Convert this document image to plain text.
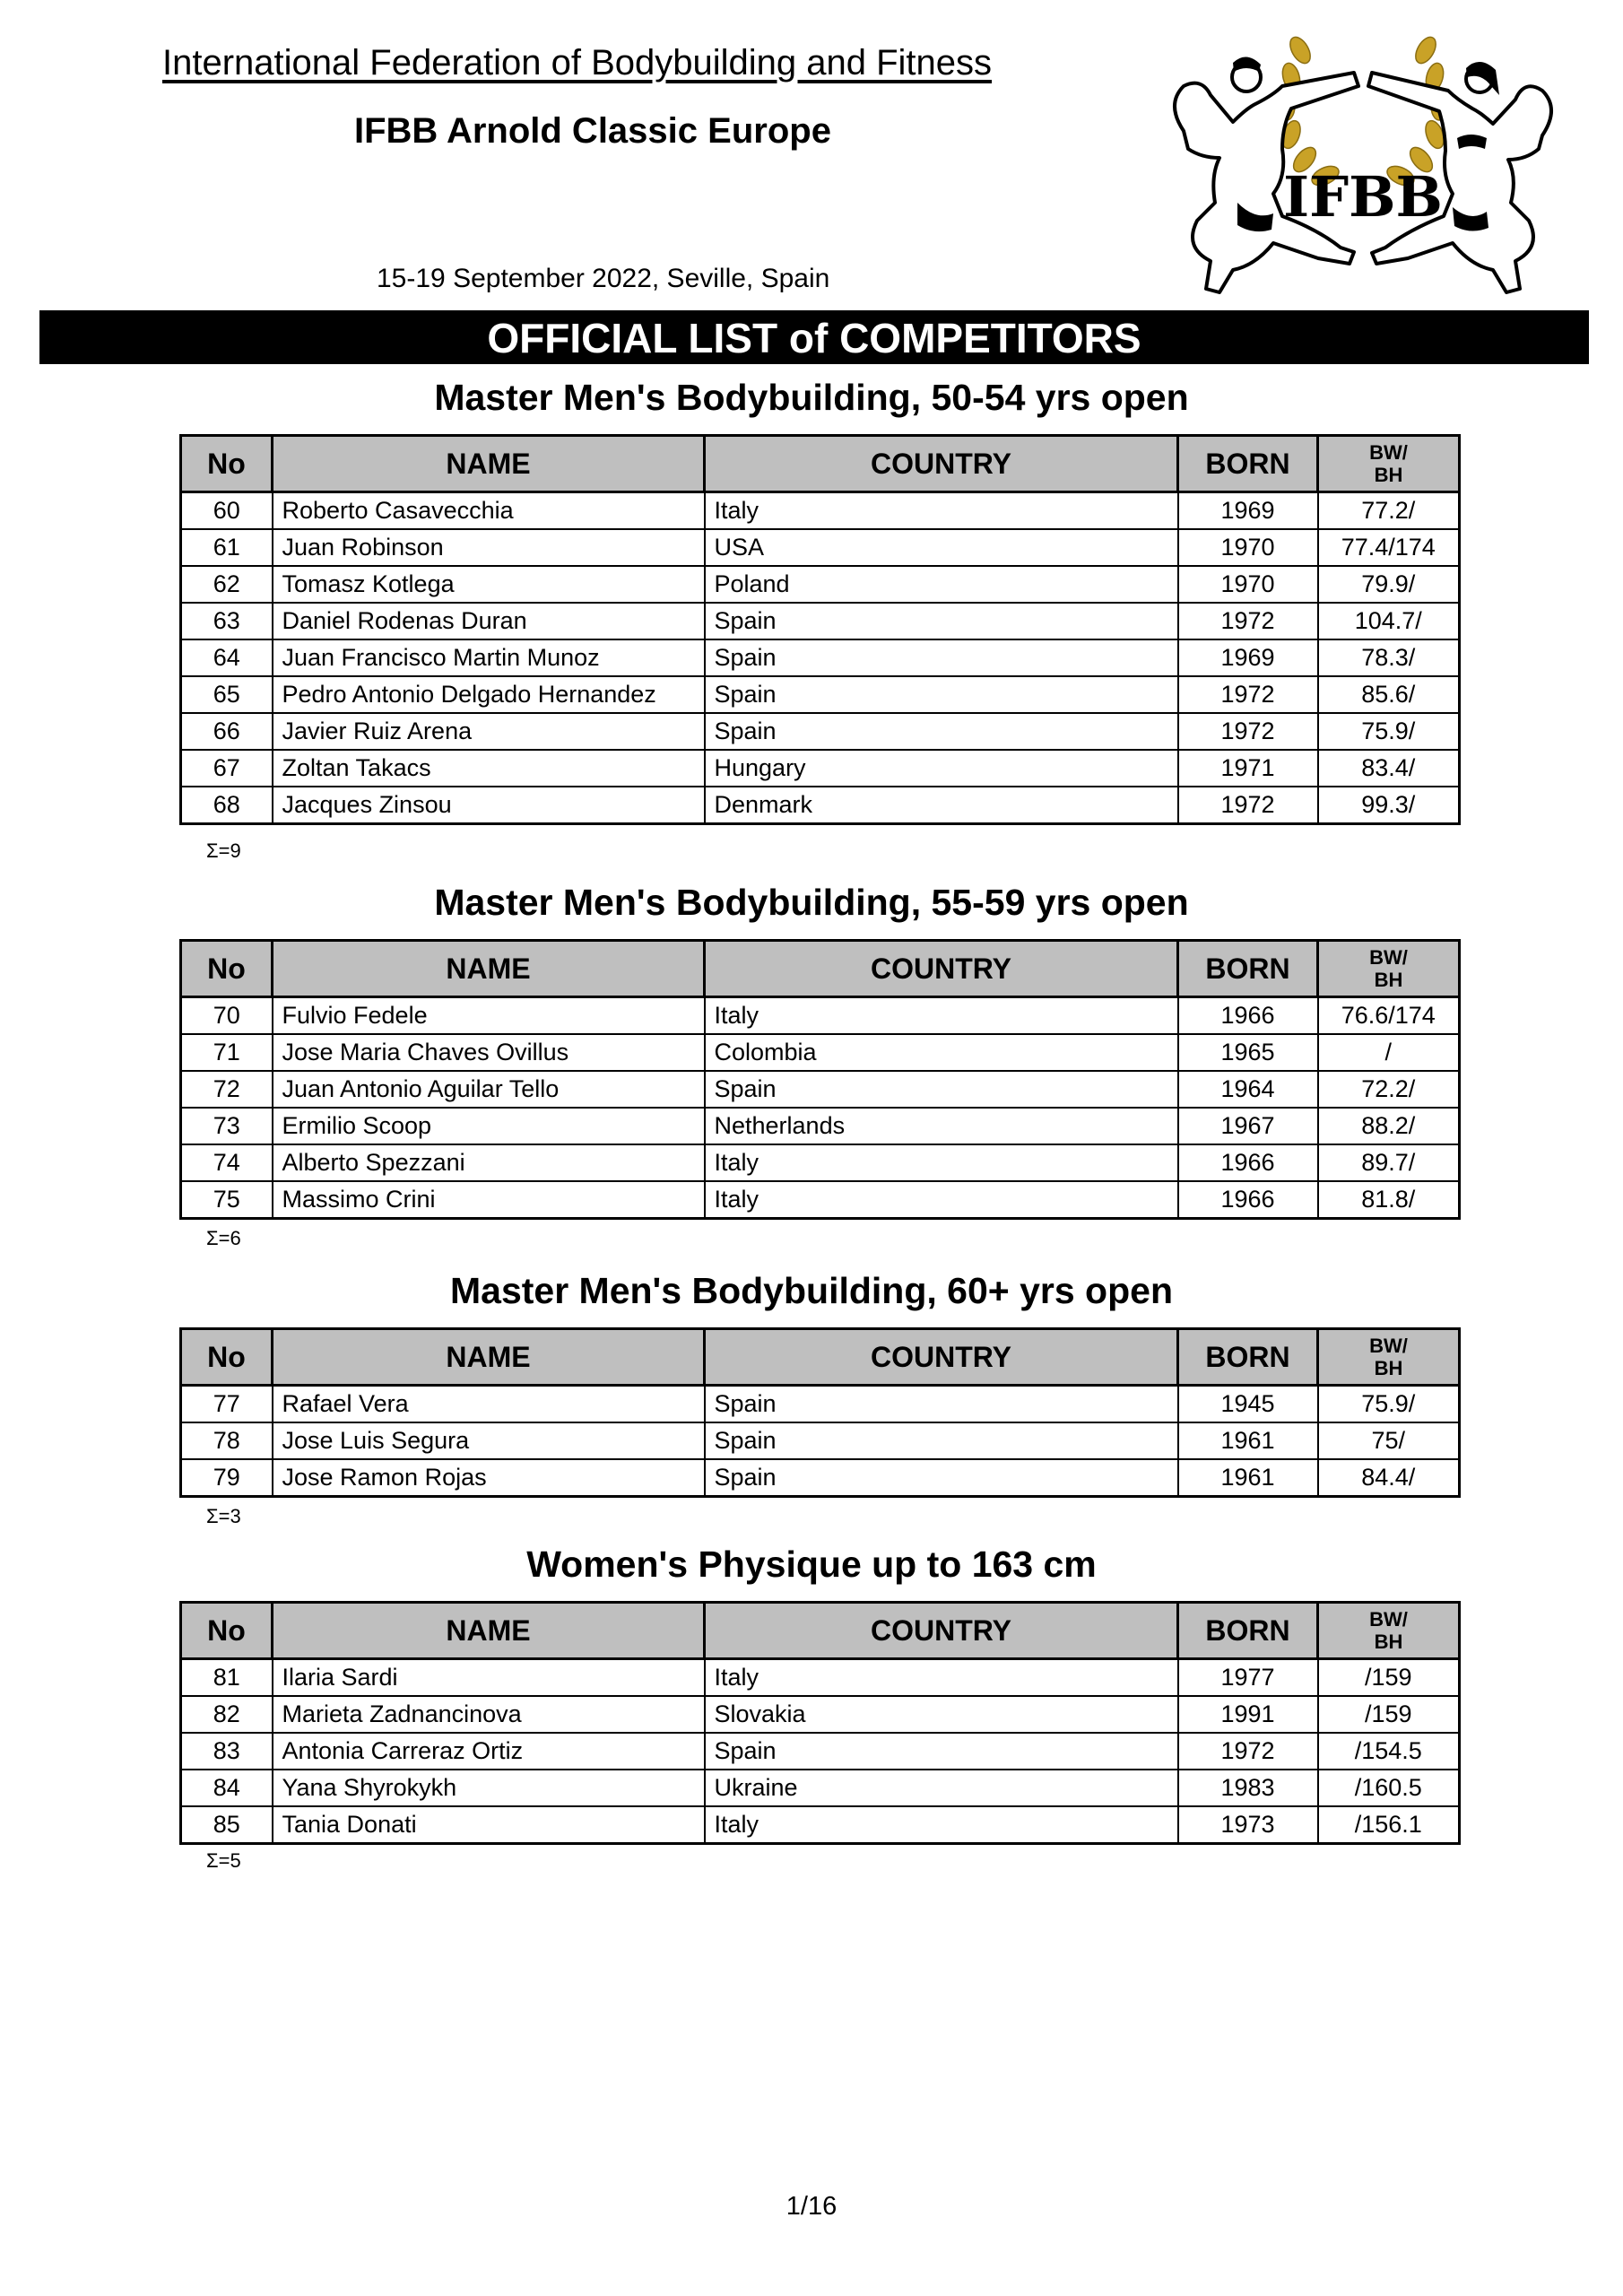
International Federation of Bodybuilding and Fitness
IFBB Arnold Classic Europe
15-19 September 2022, Seville, Spain
IFBB
OFFICIAL LIST of COMPETITORS
Master Men's Bodybuilding, 50-54 yrs open
No	NAME	COUNTRY	BORN	BW/
BH

60	Roberto Casavecchia	Italy	1969	77.2/
61	Juan Robinson	USA	1970	77.4/174
62	Tomasz Kotlega	Poland	1970	79.9/
63	Daniel Rodenas Duran	Spain	1972	104.7/
64	Juan Francisco Martin Munoz	Spain	1969	78.3/
65	Pedro Antonio Delgado Hernandez	Spain	1972	85.6/
66	Javier Ruiz Arena	Spain	1972	75.9/
67	Zoltan Takacs	Hungary	1971	83.4/
68	Jacques Zinsou	Denmark	1972	99.3/
Σ=9
Master Men's Bodybuilding, 55-59 yrs open
No	NAME	COUNTRY	BORN	BW/
BH

70	Fulvio Fedele	Italy	1966	76.6/174
71	Jose Maria Chaves Ovillus	Colombia	1965	/
72	Juan Antonio Aguilar Tello	Spain	1964	72.2/
73	Ermilio Scoop	Netherlands	1967	88.2/
74	Alberto Spezzani	Italy	1966	89.7/
75	Massimo Crini	Italy	1966	81.8/
Σ=6
Master Men's Bodybuilding, 60+ yrs open
No	NAME	COUNTRY	BORN	BW/
BH

77	Rafael Vera	Spain	1945	75.9/
78	Jose Luis Segura	Spain	1961	75/
79	Jose Ramon Rojas	Spain	1961	84.4/
Σ=3
Women's Physique up to 163 cm
No	NAME	COUNTRY	BORN	BW/
BH

81	Ilaria Sardi	Italy	1977	/159
82	Marieta Zadnancinova	Slovakia	1991	/159
83	Antonia Carreraz Ortiz	Spain	1972	/154.5
84	Yana Shyrokykh	Ukraine	1983	/160.5
85	Tania Donati	Italy	1973	/156.1
Σ=5
1/16
